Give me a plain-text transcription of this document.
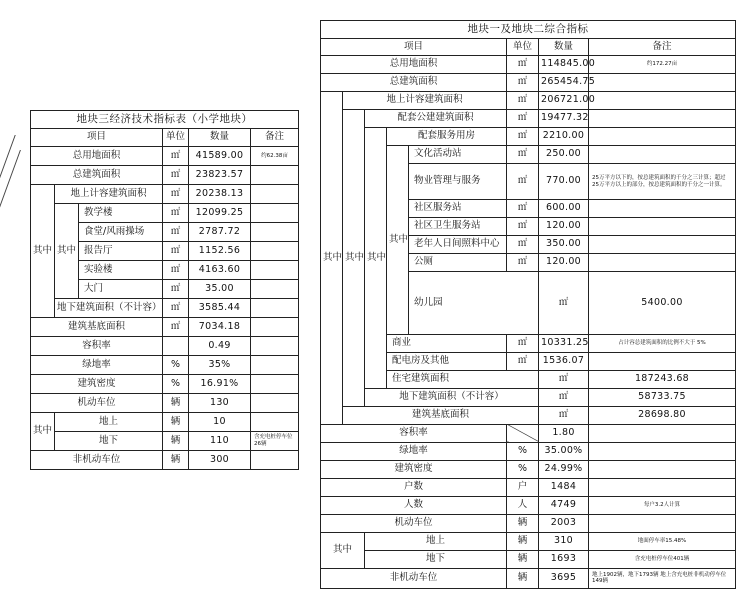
地块三经济技术指标表（小学地块）					
项目			单位	数量	备注
总用地面积			㎡	41589.00	约62.38亩
总建筑面积			㎡	23823.57	
其中	地上计容建筑面积		㎡	20238.13	
	其中	教学楼	㎡	12099.25	
		食堂/风雨操场	㎡	2787.72	
		报告厅	㎡	1152.56	
		实验楼	㎡	4163.60	
		大门	㎡	35.00	
	地下建筑面积（不计容）		㎡	3585.44	
建筑基底面积			㎡	7034.18	
容积率				0.49	
绿地率			%	35%	
建筑密度			%	16.91%	
机动车位			辆	130	
其中	地上		辆	10	
	地下		辆	110	含充电桩停车位26辆
非机动车位			辆	300	
地块一及地块二综合指标								
项目					单位	数量	备注	
总用地面积					㎡	114845.00	约172.27亩	
总建筑面积					㎡	265454.75		
其中	地上计容建筑面积				㎡	206721.00		
	其中	配套公建建筑面积			㎡	19477.32		
		其中	配套服务用房		㎡	2210.00		
			其中	文化活动站	㎡	250.00		
				物业管理与服务	㎡	770.00	25万平方以下的，按总建筑面积的千分之三计算；超过 25万平方以上的部分，按总建筑面积的千分之一计算。	
				社区服务站	㎡	600.00		
				社区卫生服务站	㎡	120.00		
				老年人日间照料中心	㎡	350.00		
				公厕	㎡	120.00		
				幼儿园		㎡	5400.00	
			商业		㎡	10331.25	占计容总建筑面积的比例不大于 5%	
			配电房及其他		㎡	1536.07		
			住宅建筑面积			㎡	187243.68	
		地下建筑面积（不计容）				㎡	58733.75	
	建筑基底面积					㎡	28698.80	
容积率						1.80		
绿地率					%	35.00%		
建筑密度					%	24.99%		
户数					户	1484		
人数					人	4749	每户3.2人计算	
机动车位					辆	2003		
其中		地上			辆	310	地面停车率15.48%	
		地下			辆	1693	含充电桩停车位401辆	
非机动车位					辆	3695	地上1902辆，地下1793辆 地上含充电桩非机动停车位149辆	
